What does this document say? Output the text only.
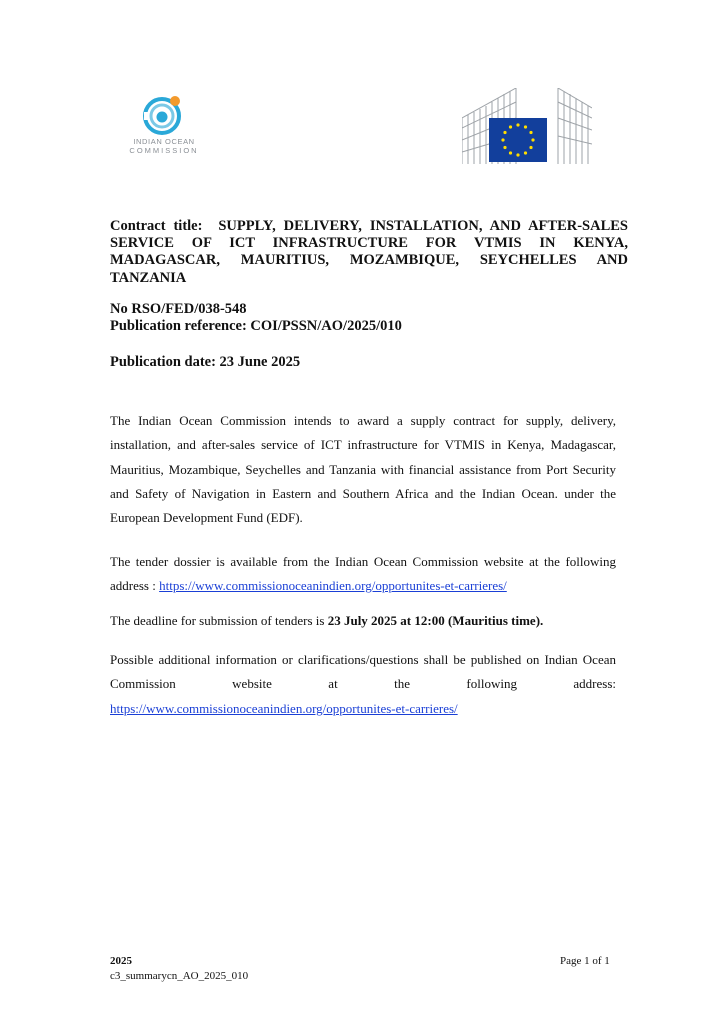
INDIAN OCEAN
COMMISSION
Contract title: SUPPLY, DELIVERY, INSTALLATION, AND AFTER-SALES SERVICE OF ICT INFRASTRUCTURE FOR VTMIS IN KENYA, MADAGASCAR, MAURITIUS, MOZAMBIQUE, SEYCHELLES AND TANZANIA
No RSO/FED/038-548
Publication reference: COI/PSSN/AO/2025/010
Publication date: 23 June 2025
The Indian Ocean Commission intends to award a supply contract for supply, delivery, installation, and after-sales service of ICT infrastructure for VTMIS in Kenya, Madagascar, Mauritius, Mozambique, Seychelles and Tanzania with financial assistance from Port Security and Safety of Navigation in Eastern and Southern Africa and the Indian Ocean. under the European Development Fund (EDF).
The tender dossier is available from the Indian Ocean Commission website at the following address : https://www.commissionoceanindien.org/opportunites-et-carrieres/
The deadline for submission of tenders is 23 July 2025 at 12:00 (Mauritius time).
Possible additional information or clarifications/questions shall be published on Indian Ocean Commission website at the following address: https://www.commissionoceanindien.org/opportunites-et-carrieres/
2025	Page 1 of 1
c3_summarycn_AO_2025_010
